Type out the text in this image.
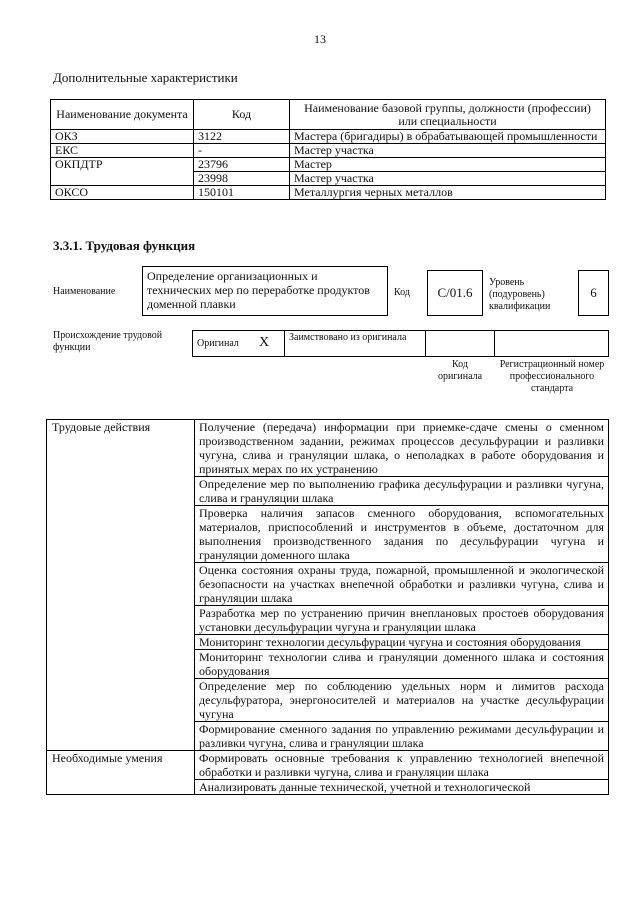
13
Дополнительные характеристики
Наименование документа	Код	Наименование базовой группы, должности (профессии) или специальности
ОКЗ	3122	Мастера (бригадиры) в обрабатывающей промышленности
ЕКС	-	Мастер участка
ОКПДТР	23796	Мастер
	23998	Мастер участка
ОКСО	150101	Металлургия черных металлов
3.3.1. Трудовая функция
Наименование
Определение организационных и технических мер по переработке продуктов доменной плавки
Код	C/01.6
Уровень (подуровень) квалификации
6
Происхождение трудовой функции	Оригинал X	Заимствовано из оригинала
Код оригинала
Регистрационный номер профессионального стандарта
Трудовые действия	Получение (передача) информации при приемке-сдаче смены о сменном производственном задании, режимах процессов десульфурации и разливки чугуна, слива и грануляции шлака, о неполадках в работе оборудования и принятых мерах по их устранению
	Определение мер по выполнению графика десульфурации и разливки чугуна, слива и грануляции шлака
	Проверка наличия запасов сменного оборудования, вспомогательных материалов, приспособлений и инструментов в объеме, достаточном для выполнения производственного задания по десульфурации чугуна и грануляции доменного шлака
	Оценка состояния охраны труда, пожарной, промышленной и экологической безопасности на участках внепечной обработки и разливки чугуна, слива и грануляции шлака
	Разработка мер по устранению причин внеплановых простоев оборудования установки десульфурации чугуна и грануляции шлака
	Мониторинг технологии десульфурации чугуна и состояния оборудования
	Мониторинг технологии слива и грануляции доменного шлака и состояния оборудования
	Определение мер по соблюдению удельных норм и лимитов расхода десульфуратора, энергоносителей и материалов на участке десульфурации чугуна
	Формирование сменного задания по управлению режимами десульфурации и разливки чугуна, слива и грануляции шлака
Необходимые умения	Формировать основные требования к управлению технологией внепечной обработки и разливки чугуна, слива и грануляции шлака
	Анализировать данные технической, учетной и технологической
